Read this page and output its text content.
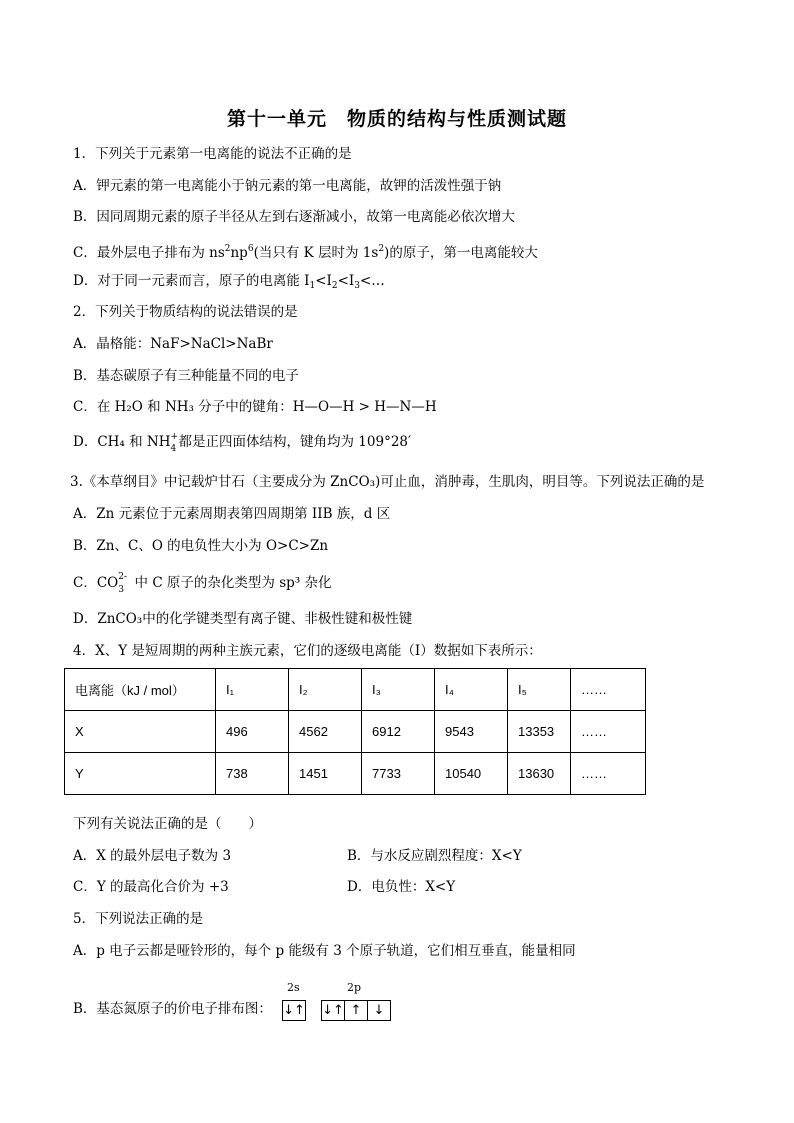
第十一单元　物质的结构与性质测试题
1．下列关于元素第一电离能的说法不正确的是
A．钾元素的第一电离能小于钠元素的第一电离能，故钾的活泼性强于钠
B．因同周期元素的原子半径从左到右逐渐减小，故第一电离能必依次增大
C．最外层电子排布为 $ns^2np^6$(当只有 K 层时为 $1s^2$)的原子，第一电离能较大
D．对于同一元素而言，原子的电离能 $I_1<I_2<I_3<\dots$
2．下列关于物质结构的说法错误的是
A．晶格能：NaF>NaCl>NaBr
B．基态碳原子有三种能量不同的电子
C．在 H₂O 和 NH₃ 分子中的键角：H—O—H > H—N—H
D．CH₄ 和 NH +
4 都是正四面体结构，键角均为 109°28′
3.《本草纲目》中记载炉甘石（主要成分为 ZnCO₃)可止血，消肿毒，生肌肉，明目等。下列说法正确的是
A．Zn 元素位于元素周期表第四周期第 IIB 族，d 区
B．Zn、C、O 的电负性大小为 O>C>Zn
C．CO 2-
3 中 C 原子的杂化类型为 sp³ 杂化
D．ZnCO₃中的化学键类型有离子键、非极性键和极性键
4．X、Y 是短周期的两种主族元素，它们的逐级电离能（I）数据如下表所示：
电离能（kJ / mol）	I₁	I₂	I₃	I₄	I₅	……
X	496	4562	6912	9543	13353	……
Y	738	1451	7733	10540	13630	……
下列有关说法正确的是（　　）
A．X 的最外层电子数为 3	B．与水反应剧烈程度：X<Y
C．Y 的最高化合价为 +3	D．电负性：X<Y
5．下列说法正确的是
A．p 电子云都是哑铃形的，每个 p 能级有 3 个原子轨道，它们相互垂直，能量相同
B．基态氮原子的价电子排布图：
2s	2p
↓↑ ↓↑ ↑ ↓
